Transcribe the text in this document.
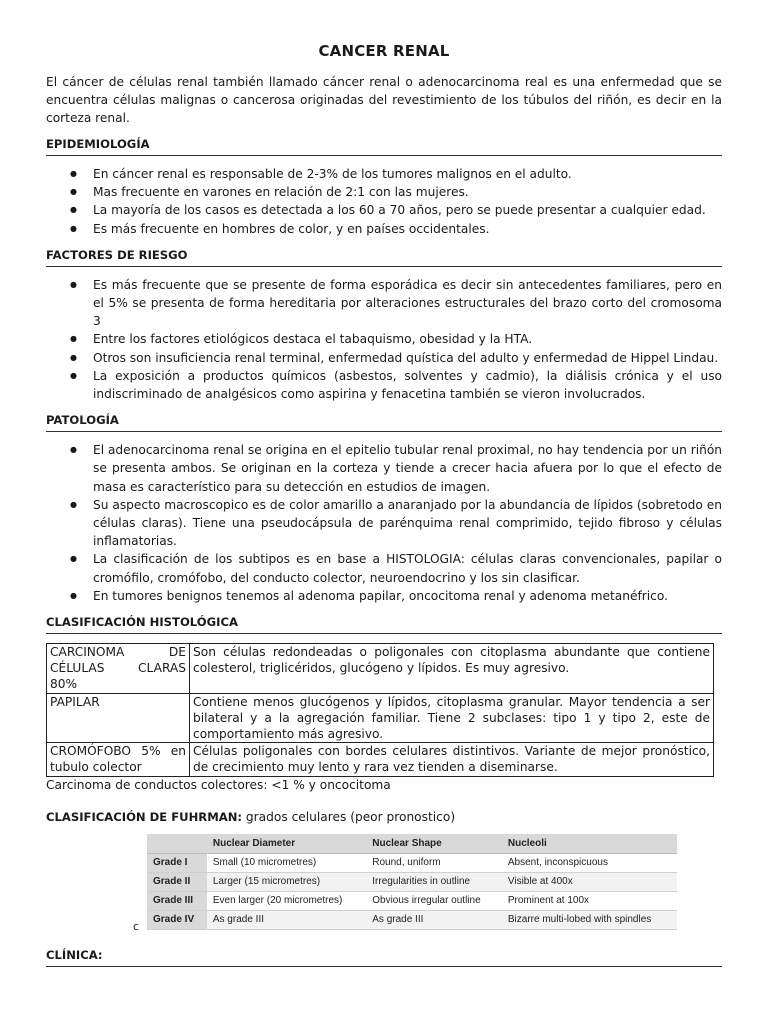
CANCER RENAL

El cáncer de células renal también llamado cáncer renal o adenocarcinoma real es una enfermedad que se encuentra células malignas o cancerosa originadas del revestimiento de los túbulos del riñón, es decir en la corteza renal.

EPIDEMIOLOGÍA
● En cáncer renal es responsable de 2-3% de los tumores malignos en el adulto.
● Mas frecuente en varones en relación de 2:1 con las mujeres.
● La mayoría de los casos es detectada a los 60 a 70 años, pero se puede presentar a cualquier edad.
● Es más frecuente en hombres de color, y en países occidentales.
FACTORES DE RIESGO
● Es más frecuente que se presente de forma esporádica es decir sin antecedentes familiares, pero en el 5% se presenta de forma hereditaria por alteraciones estructurales del brazo corto del cromosoma 3
● Entre los factores etiológicos destaca el tabaquismo, obesidad y la HTA.
● Otros son insuficiencia renal terminal, enfermedad quística del adulto y enfermedad de Hippel Lindau.
● La exposición a productos químicos (asbestos, solventes y cadmio), la diálisis crónica y el uso indiscriminado de analgésicos como aspirina y fenacetina también se vieron involucrados.
PATOLOGÍA
● El adenocarcinoma renal se origina en el epitelio tubular renal proximal, no hay tendencia por un riñón se presenta ambos. Se originan en la corteza y tiende a crecer hacia afuera por lo que el efecto de masa es característico para su detección en estudios de imagen.
● Su aspecto macroscopico es de color amarillo a anaranjado por la abundancia de lípidos (sobretodo en células claras). Tiene una pseudocápsula de parénquima renal comprimido, tejido fibroso y células inflamatorias.
● La clasificación de los subtipos es en base a HISTOLOGIA: células claras convencionales, papilar o cromófilo, cromófobo, del conducto colector, neuroendocrino y los sin clasificar.
● En tumores benignos tenemos al adenoma papilar, oncocitoma renal y adenoma metanéfrico.
CLASIFICACIÓN HISTOLÓGICA
CARCINOMA DE CÉLULAS CLARAS 80%	Son células redondeadas o poligonales con citoplasma abundante que contiene colesterol, triglicéridos, glucógeno y lípidos. Es muy agresivo.
PAPILAR	Contiene menos glucógenos y lípidos, citoplasma granular. Mayor tendencia a ser bilateral y a la agregación familiar. Tiene 2 subclases: tipo 1 y tipo 2, este de comportamiento más agresivo.
CROMÓFOBO 5% en tubulo colector	Células poligonales con bordes celulares distintivos. Variante de mejor pronóstico, de crecimiento muy lento y rara vez tienden a diseminarse.
Carcinoma de conductos colectores: <1 % y oncocitoma
CLASIFICACIÓN DE FUHRMAN: grados celulares (peor pronostico)
c
	Nuclear Diameter	Nuclear Shape	Nucleoli
Grade I	Small (10 micrometres)	Round, uniform	Absent, inconspicuous
Grade II	Larger (15 micrometres)	Irregularities in outline	Visible at 400x
Grade III	Even larger (20 micrometres)	Obvious irregular outline	Prominent at 100x
Grade IV	As grade III	As grade III	Bizarre multi-lobed with spindles
CLÍNICA:
